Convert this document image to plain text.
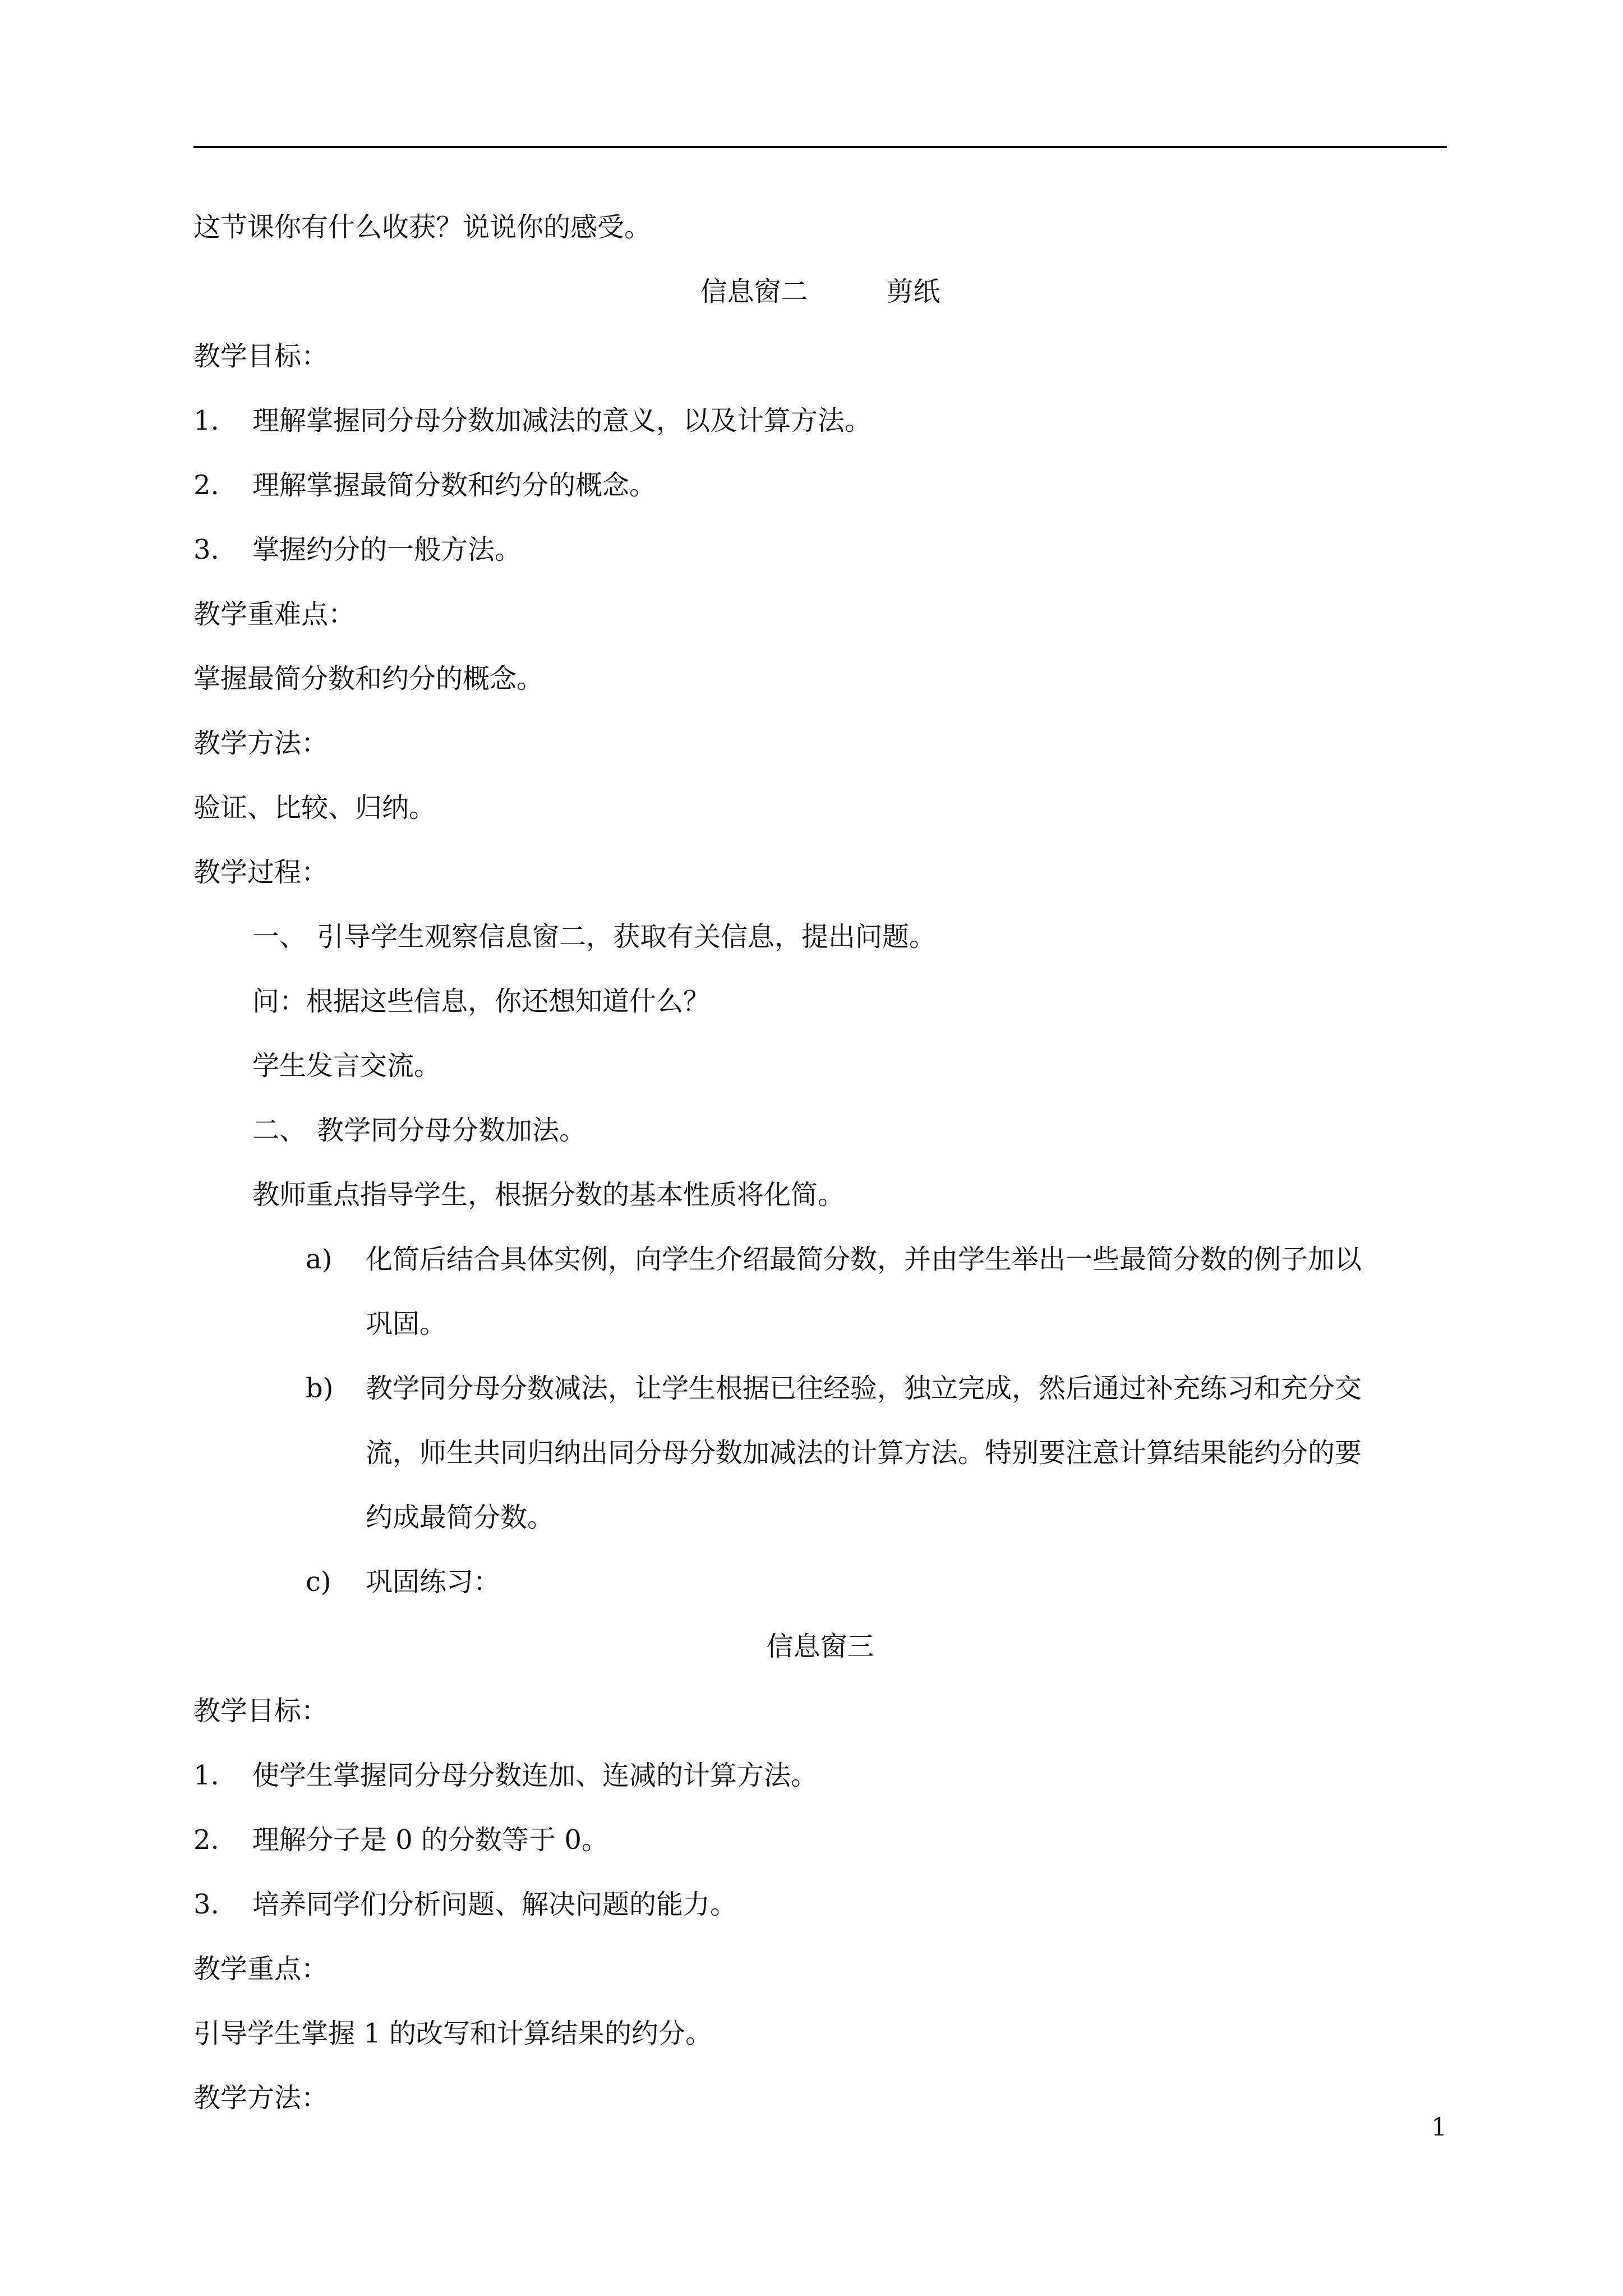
这节课你有什么收获？说说你的感受。
信息窗二	剪纸
教学目标：
1. 理解掌握同分母分数加减法的意义，以及计算方法。
2. 理解掌握最简分数和约分的概念。
3. 掌握约分的一般方法。
教学重难点：
掌握最简分数和约分的概念。
教学方法：
验证、比较、归纳。
教学过程：
一、 引导学生观察信息窗二，获取有关信息，提出问题。
问：根据这些信息，你还想知道什么？
学生发言交流。
二、 教学同分母分数加法。
教师重点指导学生，根据分数的基本性质将化简。
a) 化简后结合具体实例，向学生介绍最简分数，并由学生举出一些最简分数的例子加以
巩固。
b) 教学同分母分数减法，让学生根据已往经验，独立完成，然后通过补充练习和充分交
流，师生共同归纳出同分母分数加减法的计算方法。特别要注意计算结果能约分的要
约成最简分数。
c) 巩固练习：
信息窗三
教学目标：
1. 使学生掌握同分母分数连加、连减的计算方法。
2. 理解分子是 0 的分数等于 0。
3. 培养同学们分析问题、解决问题的能力。
教学重点：
引导学生掌握 1 的改写和计算结果的约分。
教学方法：
1
